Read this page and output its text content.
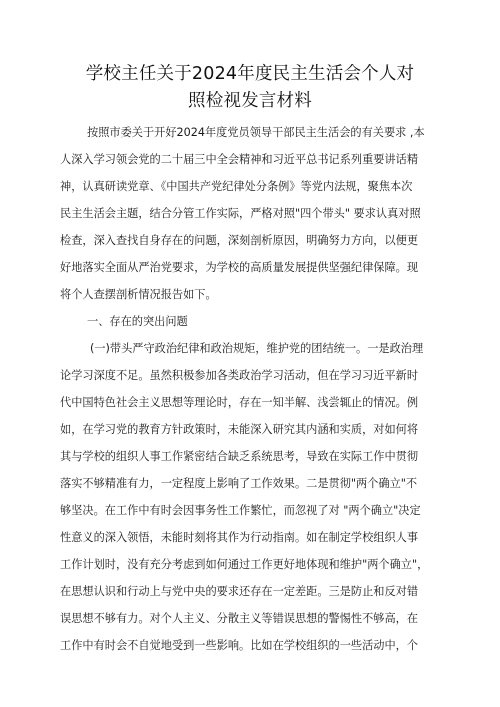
学校主任关于2024年度民主生活会个人对
照检视发言材料
按照市委关于开好2024年度党员领导干部民主生活会的有关要求 ,本
人深入学习领会党的二十届三中全会精神和习近平总书记系列重要讲话精
神，认真研读党章、《中国共产党纪律处分条例》等党内法规，聚焦本次
民主生活会主题，结合分管工作实际，严格对照"四个带头" 要求认真对照
检查，深入查找自身存在的问题，深刻剖析原因，明确努力方向，以便更
好地落实全面从严治党要求，为学校的高质量发展提供坚强纪律保障。现
将个人查摆剖析情况报告如下。
一、存在的突出问题
(一)带头严守政治纪律和政治规矩，维护党的团结统一。一是政治理
论学习深度不足。虽然积极参加各类政治学习活动，但在学习习近平新时
代中国特色社会主义思想等理论时，存在一知半解、浅尝辄止的情况。例
如，在学习党的教育方针政策时，未能深入研究其内涵和实质，对如何将
其与学校的组织人事工作紧密结合缺乏系统思考，导致在实际工作中贯彻
落实不够精准有力，一定程度上影响了工作效果。二是贯彻"两个确立"不
够坚决。在工作中有时会因事务性工作繁忙，而忽视了对 "两个确立"决定
性意义的深入领悟，未能时刻将其作为行动指南。如在制定学校组织人事
工作计划时，没有充分考虑到如何通过工作更好地体现和维护"两个确立"，
在思想认识和行动上与党中央的要求还存在一定差距。三是防止和反对错
误思想不够有力。对个人主义、分散主义等错误思想的警惕性不够高，在
工作中有时会不自觉地受到一些影响。比如在学校组织的一些活动中，个
